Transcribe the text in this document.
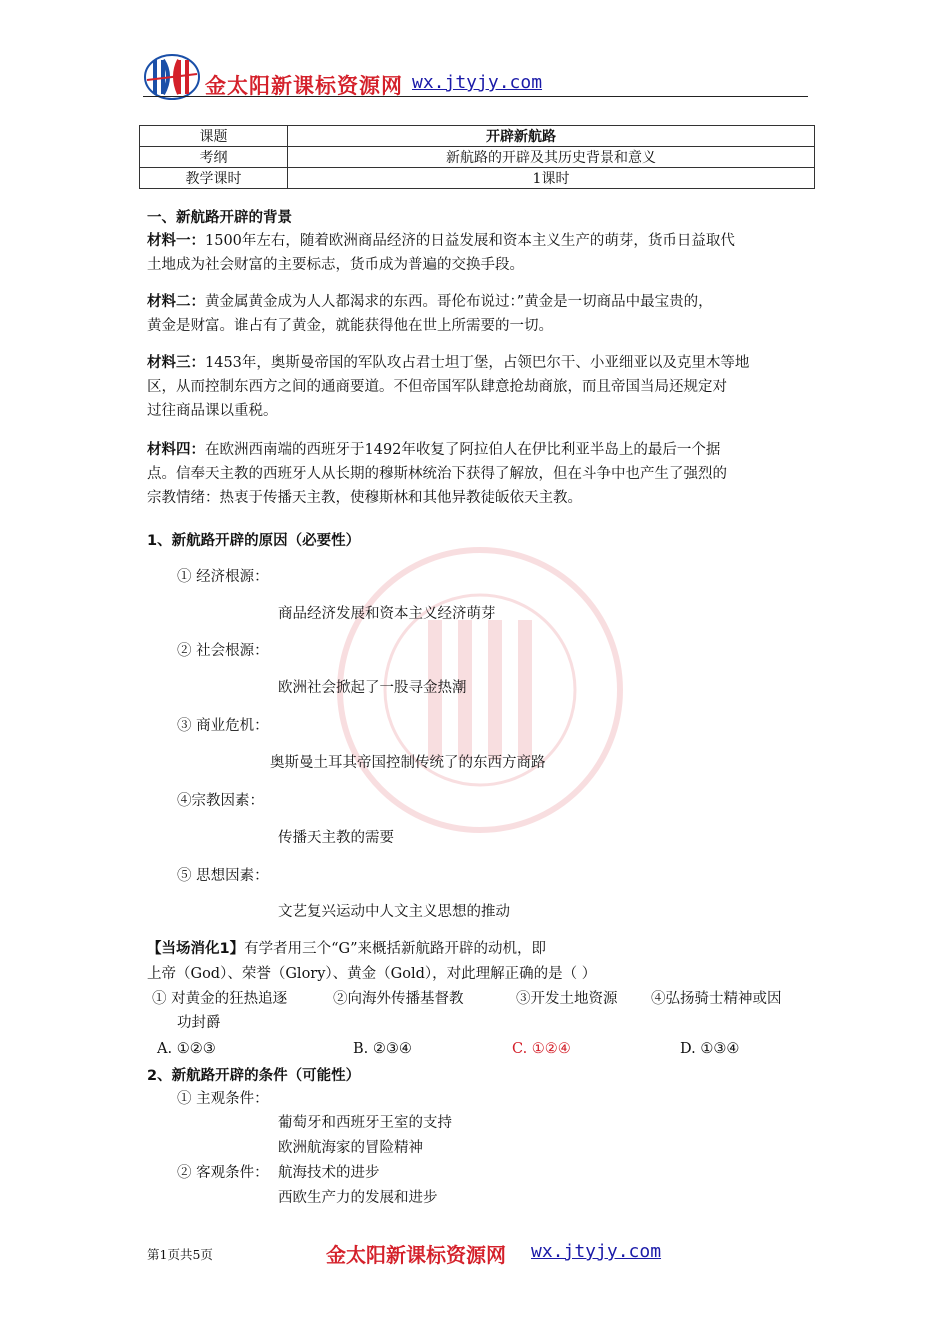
金太阳新课标资源网 wx.jtyjy.com
课题	开辟新航路
考纲	新航路的开辟及其历史背景和意义
教学课时	1课时
一、新航路开辟的背景
材料一：1500年左右，随着欧洲商品经济的日益发展和资本主义生产的萌芽，货币日益取代
土地成为社会财富的主要标志，货币成为普遍的交换手段。
材料二：黄金属黄金成为人人都渴求的东西。哥伦布说过：”黄金是一切商品中最宝贵的，
黄金是财富。谁占有了黄金，就能获得他在世上所需要的一切。
材料三：1453年，奥斯曼帝国的军队攻占君士坦丁堡，占领巴尔干、小亚细亚以及克里木等地
区，从而控制东西方之间的通商要道。不但帝国军队肆意抢劫商旅，而且帝国当局还规定对
过往商品课以重税。
材料四：在欧洲西南端的西班牙于1492年收复了阿拉伯人在伊比利亚半岛上的最后一个据
点。信奉天主教的西班牙人从长期的穆斯林统治下获得了解放，但在斗争中也产生了强烈的
宗教情绪：热衷于传播天主教，使穆斯林和其他异教徒皈依天主教。
1、新航路开辟的原因（必要性）
① 经济根源：
商品经济发展和资本主义经济萌芽
② 社会根源：
欧洲社会掀起了一股寻金热潮
③ 商业危机：
奥斯曼土耳其帝国控制传统了的东西方商路
④宗教因素：
传播天主教的需要
⑤ 思想因素：
文艺复兴运动中人文主义思想的推动
【当场消化1】有学者用三个“G”来概括新航路开辟的动机，即
上帝（God）、荣誉（Glory）、黄金（Gold），对此理解正确的是（ ）
① 对黄金的狂热追逐	②向海外传播基督教	③开发土地资源 ④弘扬骑士精神或因
功封爵
A. ①②③	B. ②③④	C. ①②④	D. ①③④
2、新航路开辟的条件（可能性）
① 主观条件：
葡萄牙和西班牙王室的支持
欧洲航海家的冒险精神
② 客观条件： 航海技术的进步
西欧生产力的发展和进步
第1页共5页	金太阳新课标资源网 wx.jtyjy.com
